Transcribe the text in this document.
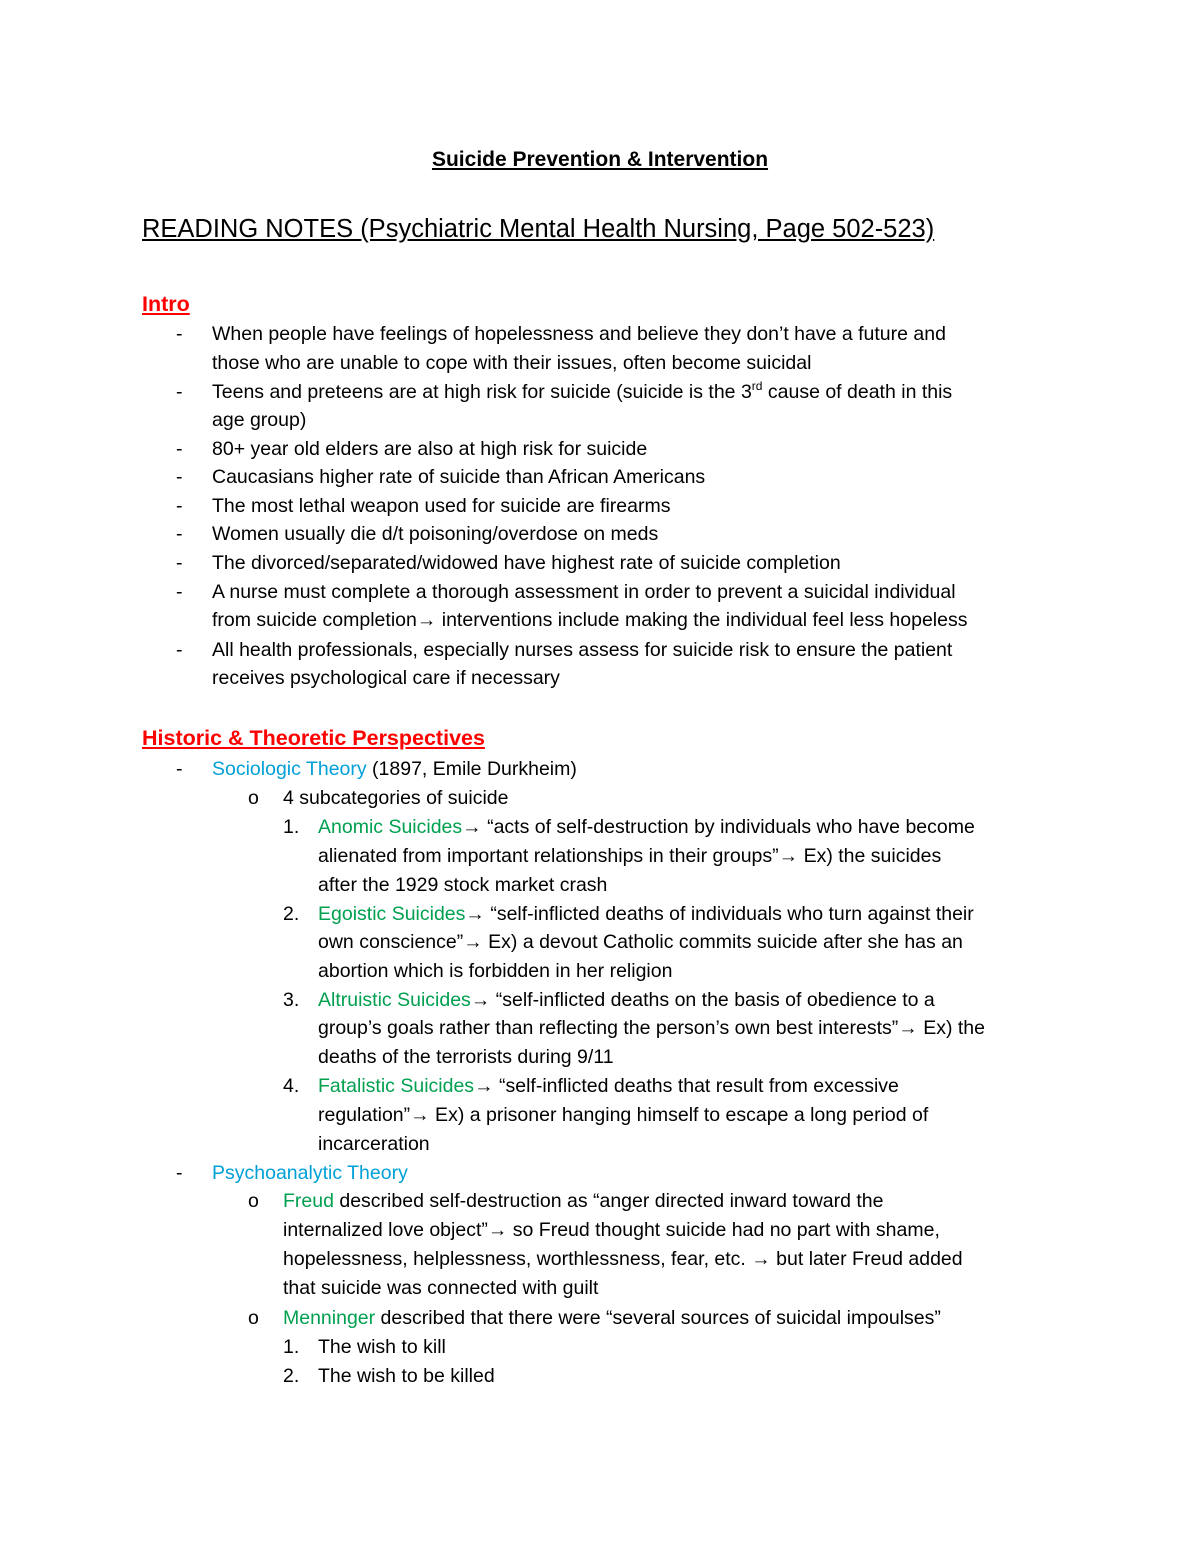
Suicide Prevention & Intervention
READING NOTES (Psychiatric Mental Health Nursing, Page 502-523)
Intro
-	When people have feelings of hopelessness and believe they don’t have a future and
those who are unable to cope with their issues, often become suicidal
-	Teens and preteens are at high risk for suicide (suicide is the 3rd cause of death in this
age group)
-	80+ year old elders are also at high risk for suicide
-	Caucasians higher rate of suicide than African Americans
-	The most lethal weapon used for suicide are firearms
-	Women usually die d/t poisoning/overdose on meds
-	The divorced/separated/widowed have highest rate of suicide completion
-	A nurse must complete a thorough assessment in order to prevent a suicidal individual
from suicide completion→ interventions include making the individual feel less hopeless
-	All health professionals, especially nurses assess for suicide risk to ensure the patient
receives psychological care if necessary
Historic & Theoretic Perspectives
-	Sociologic Theory (1897, Emile Durkheim)
o	4 subcategories of suicide
1. Anomic Suicides→ “acts of self-destruction by individuals who have become
alienated from important relationships in their groups”→ Ex) the suicides
after the 1929 stock market crash
2. Egoistic Suicides→ “self-inflicted deaths of individuals who turn against their
own conscience”→ Ex) a devout Catholic commits suicide after she has an
abortion which is forbidden in her religion
3. Altruistic Suicides→ “self-inflicted deaths on the basis of obedience to a
group’s goals rather than reflecting the person’s own best interests”→ Ex) the
deaths of the terrorists during 9/11
4. Fatalistic Suicides→ “self-inflicted deaths that result from excessive
regulation”→ Ex) a prisoner hanging himself to escape a long period of
incarceration
-	Psychoanalytic Theory
o	Freud described self-destruction as “anger directed inward toward the
internalized love object”→ so Freud thought suicide had no part with shame,
hopelessness, helplessness, worthlessness, fear, etc. → but later Freud added
that suicide was connected with guilt
o	Menninger described that there were “several sources of suicidal impoulses”
1. The wish to kill
2. The wish to be killed
